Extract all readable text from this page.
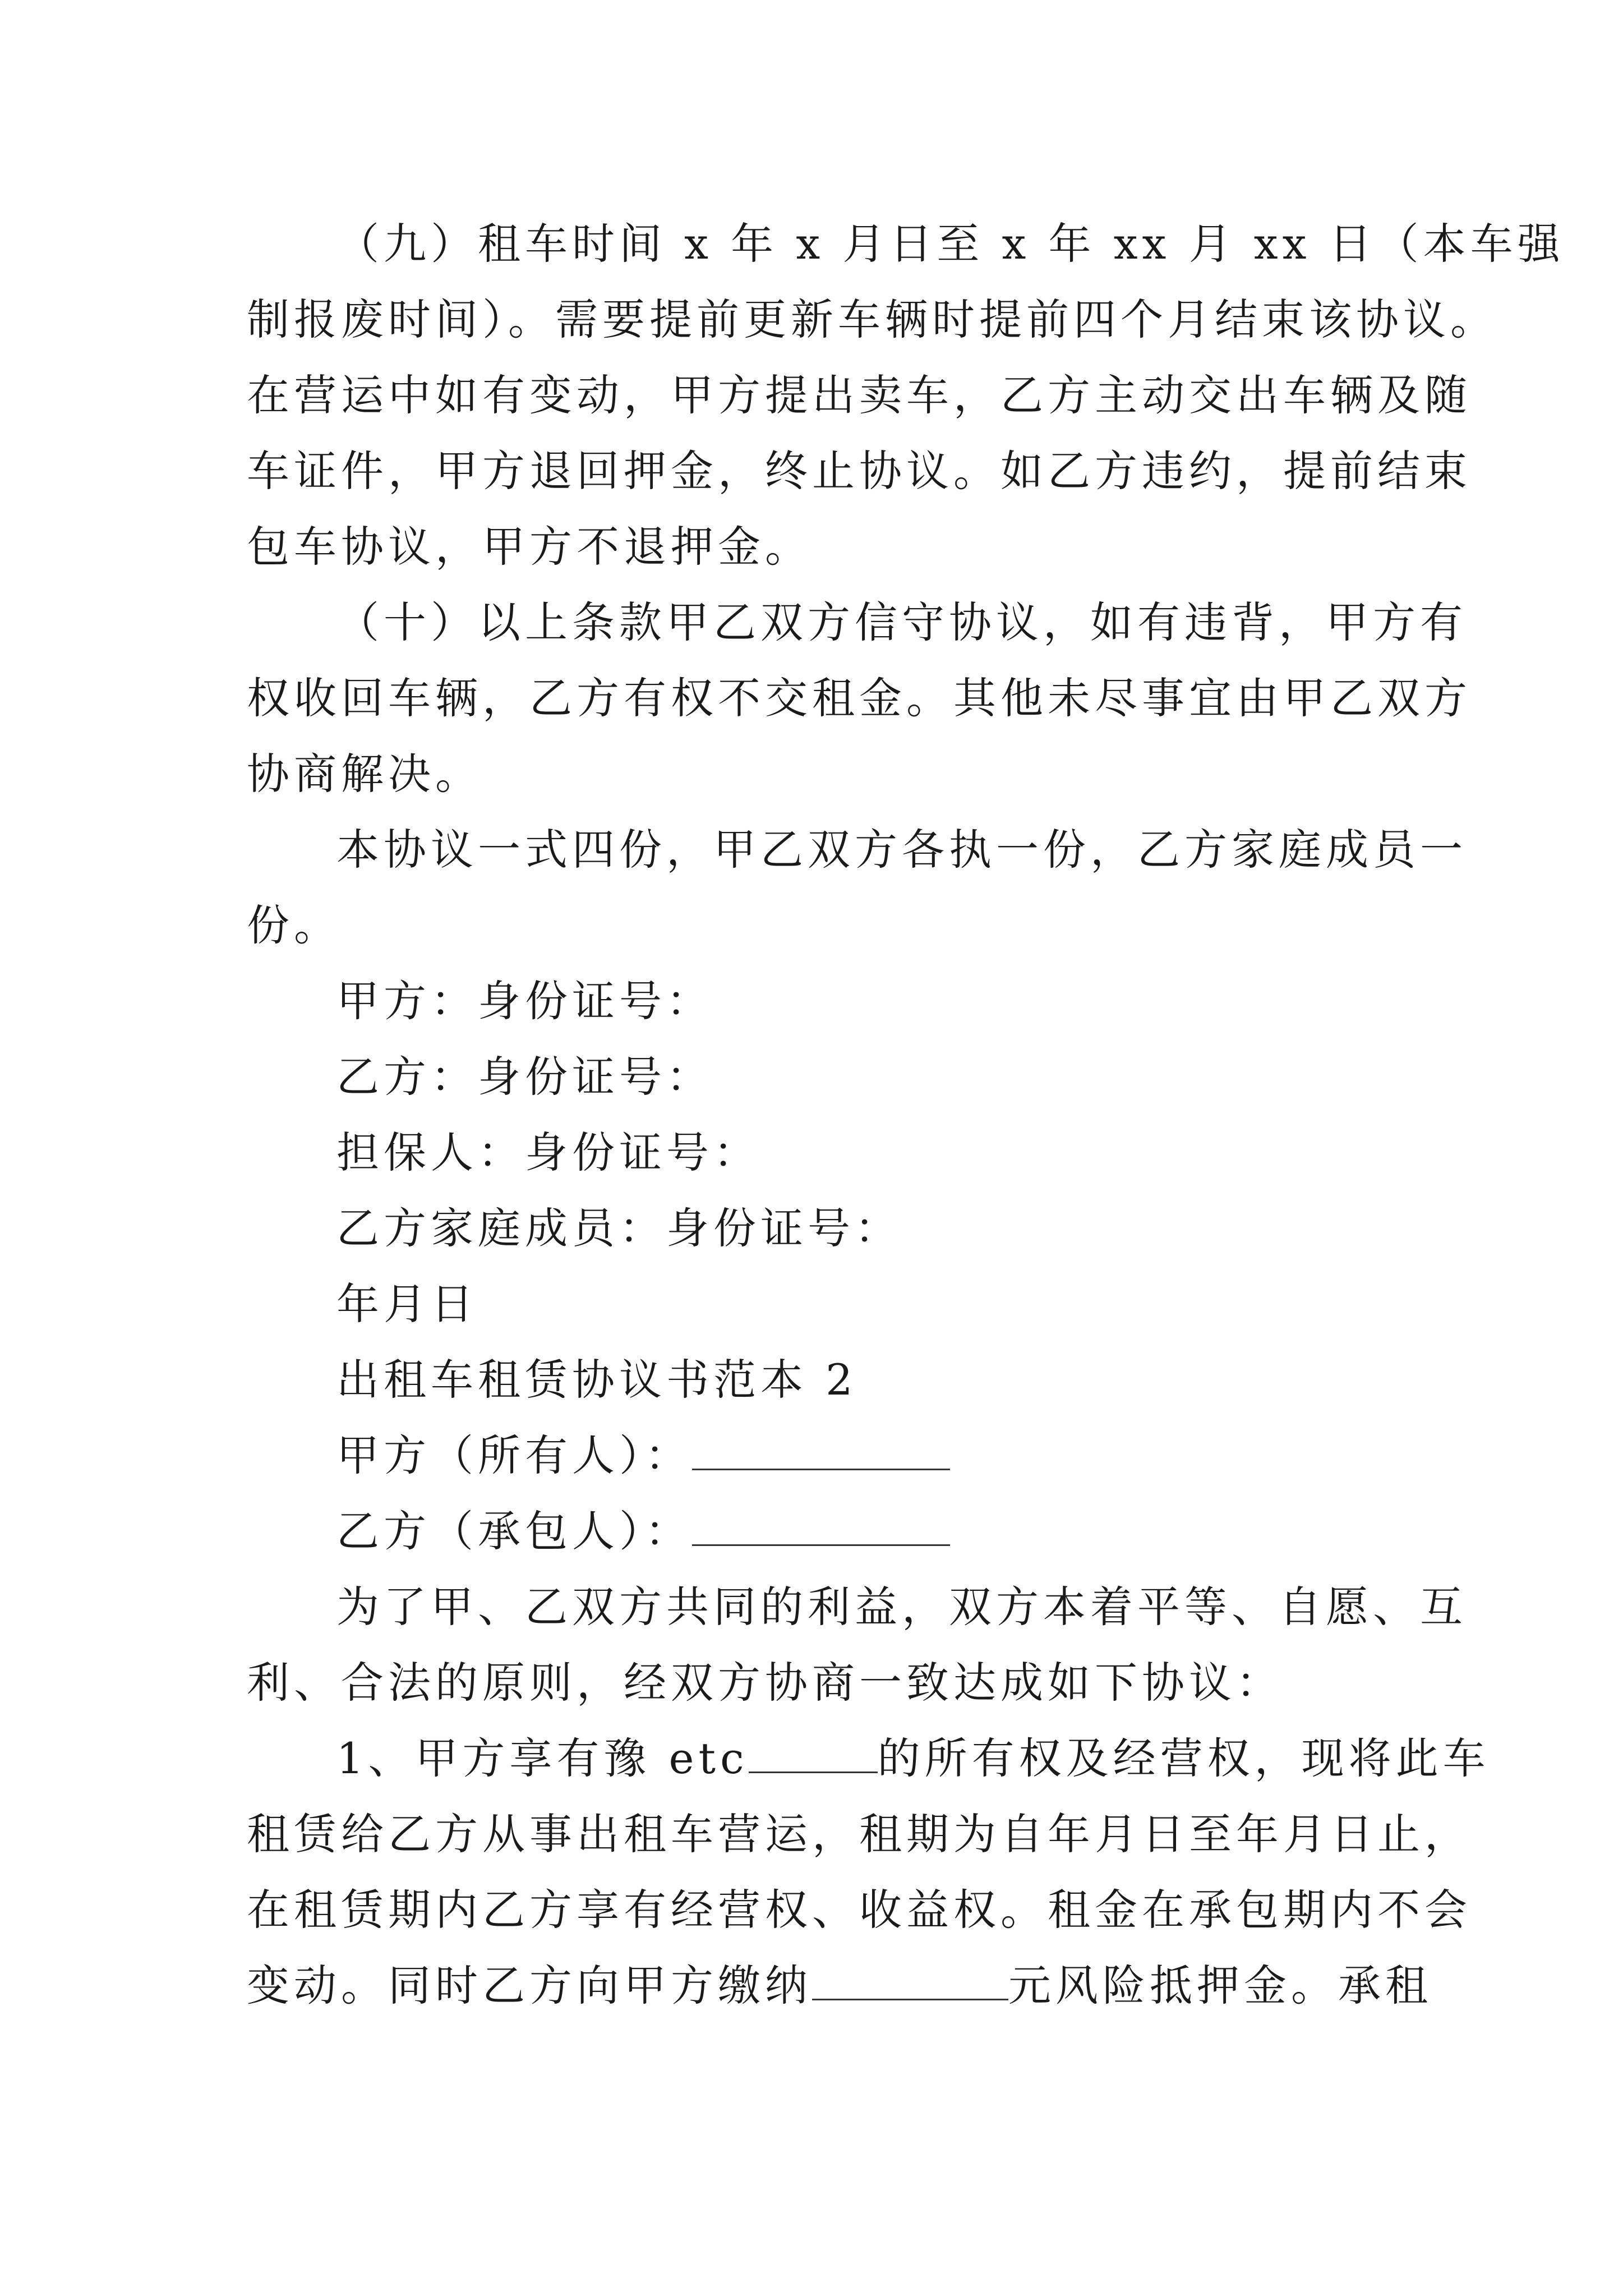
（九）租车时间 x 年 x 月日至 x 年 xx 月 xx 日（本车强
制报废时间）。需要提前更新车辆时提前四个月结束该协议。
在营运中如有变动，甲方提出卖车，乙方主动交出车辆及随
车证件，甲方退回押金，终止协议。如乙方违约，提前结束
包车协议，甲方不退押金。
（十）以上条款甲乙双方信守协议，如有违背，甲方有
权收回车辆，乙方有权不交租金。其他未尽事宜由甲乙双方
协商解决。
本协议一式四份，甲乙双方各执一份，乙方家庭成员一
份。
甲方：身份证号：
乙方：身份证号：
担保人：身份证号：
乙方家庭成员：身份证号：
年月日
出租车租赁协议书范本 2
甲方（所有人）：
乙方（承包人）：
为了甲、乙双方共同的利益，双方本着平等、自愿、互
利、合法的原则，经双方协商一致达成如下协议：
1、甲方享有豫 etc	的所有权及经营权，现将此车
租赁给乙方从事出租车营运，租期为自年月日至年月日止，
在租赁期内乙方享有经营权、收益权。租金在承包期内不会
变动。同时乙方向甲方缴纳	元风险抵押金。承租
